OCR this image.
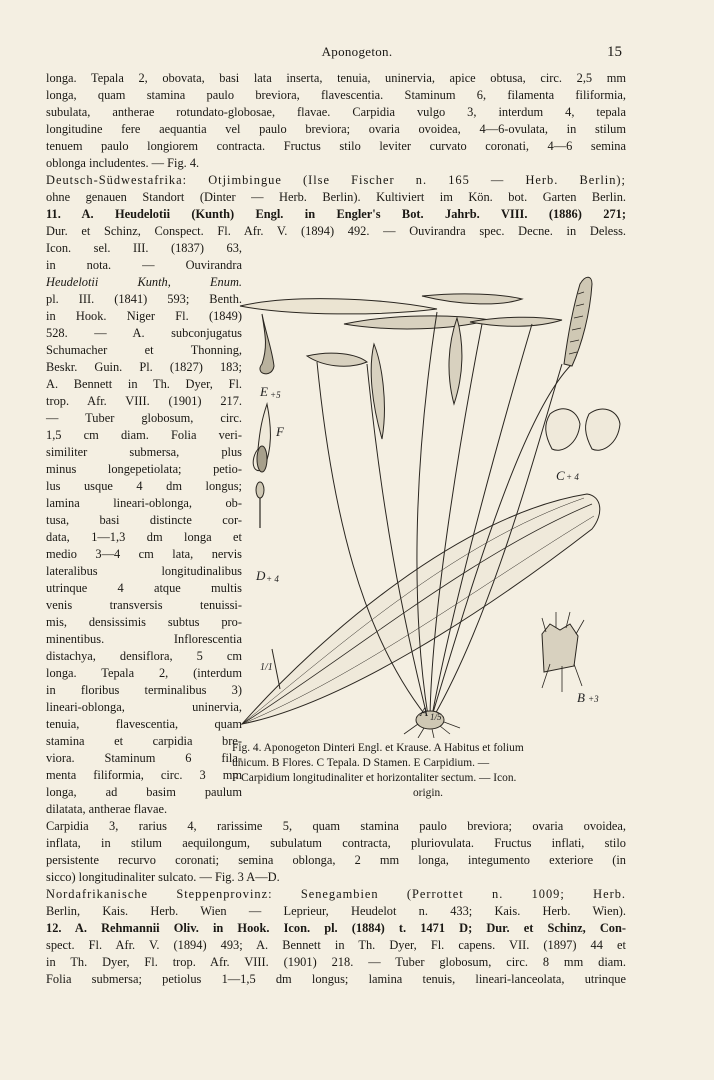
Aponogeton.	15
longa. Tepala 2, obovata, basi lata inserta, tenuia, uninervia, apice obtusa, circ. 2,5 mm
longa, quam stamina paulo breviora, flavescentia. Staminum 6, filamenta filiformia,
subulata, antherae rotundato-globosae, flavae. Carpidia vulgo 3, interdum 4, tepala
longitudine fere aequantia vel paulo breviora; ovaria ovoidea, 4—6-ovulata, in stilum
tenuem paulo longiorem contracta. Fructus stilo leviter curvato coronati, 4—6 semina
oblonga includentes. — Fig. 4.
Deutsch-Südwestafrika: Otjimbingue (Ilse Fischer n. 165 — Herb. Berlin);
ohne genauen Standort (Dinter — Herb. Berlin). Kultiviert im Kön. bot. Garten Berlin.
11. A. Heudelotii (Kunth) Engl. in Engler's Bot. Jahrb. VIII. (1886) 271;
Dur. et Schinz, Conspect. Fl. Afr. V. (1894) 492. — Ouvirandra spec. Decne. in Deless.
Icon. sel. III. (1837) 63,
in nota. — Ouvirandra
Heudelotii Kunth, Enum.
pl. III. (1841) 593; Benth.
in Hook. Niger Fl. (1849)
528. — A. subconjugatus
Schumacher et Thonning,
Beskr. Guin. Pl. (1827) 183;
A. Bennett in Th. Dyer, Fl.
trop. Afr. VIII. (1901) 217.
— Tuber globosum, circ.
1,5 cm diam. Folia veri-
similiter submersa, plus
minus longepetiolata; petio-
lus usque 4 dm longus;
lamina lineari-oblonga, ob-
tusa, basi distincte cor-
data, 1—1,3 dm longa et
medio 3—4 cm lata, nervis
lateralibus longitudinalibus
utrinque 4 atque multis
venis transversis tenuissi-
mis, densissimis subtus pro-
minentibus. Inflorescentia
distachya, densiflora, 5 cm
longa. Tepala 2, (interdum
in floribus terminalibus 3)
lineari-oblonga, uninervia,
tenuia, flavescentia, quam
stamina et carpidia bre-
viora. Staminum 6 fila-
menta filiformia, circ. 3 mm
longa, ad basim paulum
dilatata, antherae flavae.
Carpidia 3, rarius 4, rarissime 5, quam stamina paulo breviora; ovaria ovoidea,
inflata, in stilum aequilongum, subulatum contracta, pluriovulata. Fructus inflati, stilo
persistente recurvo coronati; semina oblonga, 2 mm longa, integumento exteriore (in
sicco) longitudinaliter sulcato. — Fig. 3 A—D.
Nordafrikanische Steppenprovinz: Senegambien (Perrottet n. 1009; Herb.
Berlin, Kais. Herb. Wien — Leprieur, Heudelot n. 433; Kais. Herb. Wien).
12. A. Rehmannii Oliv. in Hook. Icon. pl. (1884) t. 1471 D; Dur. et Schinz, Con-
spect. Fl. Afr. V. (1894) 493; A. Bennett in Th. Dyer, Fl. capens. VII. (1897) 44 et
in Th. Dyer, Fl. trop. Afr. VIII. (1901) 218. — Tuber globosum, circ. 8 mm diam.
Folia submersa; petiolus 1—1,5 dm longus; lamina tenuis, lineari-lanceolata, utrinque
E +5
F
C + 4
D + 4
B +3
A 1/5
1/1
Fig. 4. Aponogeton Dinteri Engl. et Krause. A Habitus et folium
unicum. B Flores. C Tepala. D Stamen. E Carpidium. —
F Carpidium longitudinaliter et horizontaliter sectum. — Icon.
origin.
